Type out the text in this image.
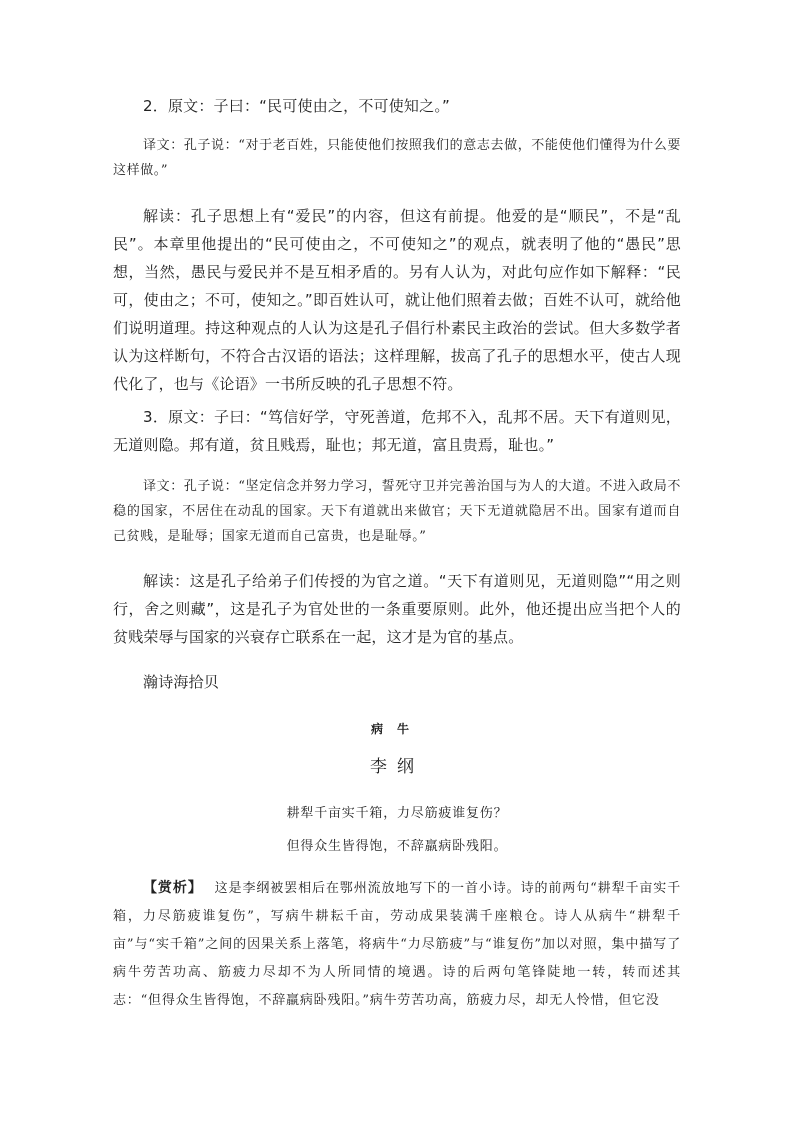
2．原文：子曰：“民可使由之，不可使知之。”

译文：孔子说：“对于老百姓，只能使他们按照我们的意志去做，不能使他们懂得为什么要这样做。”

解读：孔子思想上有“爱民”的内容，但这有前提。他爱的是“顺民”，不是“乱民”。本章里他提出的“民可使由之，不可使知之”的观点，就表明了他的“愚民”思想，当然，愚民与爱民并不是互相矛盾的。另有人认为，对此句应作如下解释：“民可，使由之；不可，使知之。”即百姓认可，就让他们照着去做；百姓不认可，就给他们说明道理。持这种观点的人认为这是孔子倡行朴素民主政治的尝试。但大多数学者认为这样断句，不符合古汉语的语法；这样理解，拔高了孔子的思想水平，使古人现代化了，也与《论语》一书所反映的孔子思想不符。

3．原文：子曰：“笃信好学，守死善道，危邦不入，乱邦不居。天下有道则见，无道则隐。邦有道，贫且贱焉，耻也；邦无道，富且贵焉，耻也。”

译文：孔子说：“坚定信念并努力学习，誓死守卫并完善治国与为人的大道。不进入政局不稳的国家，不居住在动乱的国家。天下有道就出来做官；天下无道就隐居不出。国家有道而自己贫贱，是耻辱；国家无道而自己富贵，也是耻辱。”

解读：这是孔子给弟子们传授的为官之道。“天下有道则见，无道则隐”“用之则行，舍之则藏”，这是孔子为官处世的一条重要原则。此外，他还提出应当把个人的贫贱荣辱与国家的兴衰存亡联系在一起，这才是为官的基点。

瀚诗海拾贝

病牛

李纲

耕犁千亩实千箱，力尽筋疲谁复伤？

但得众生皆得饱，不辞羸病卧残阳。

【赏析】 这是李纲被罢相后在鄂州流放地写下的一首小诗。诗的前两句“耕犁千亩实千箱，力尽筋疲谁复伤”，写病牛耕耘千亩，劳动成果装满千座粮仓。诗人从病牛“耕犁千亩”与“实千箱”之间的因果关系上落笔，将病牛“力尽筋疲”与“谁复伤”加以对照，集中描写了病牛劳苦功高、筋疲力尽却不为人所同情的境遇。诗的后两句笔锋陡地一转，转而述其志：“但得众生皆得饱，不辞羸病卧残阳。”病牛劳苦功高，筋疲力尽，却无人怜惜，但它没
